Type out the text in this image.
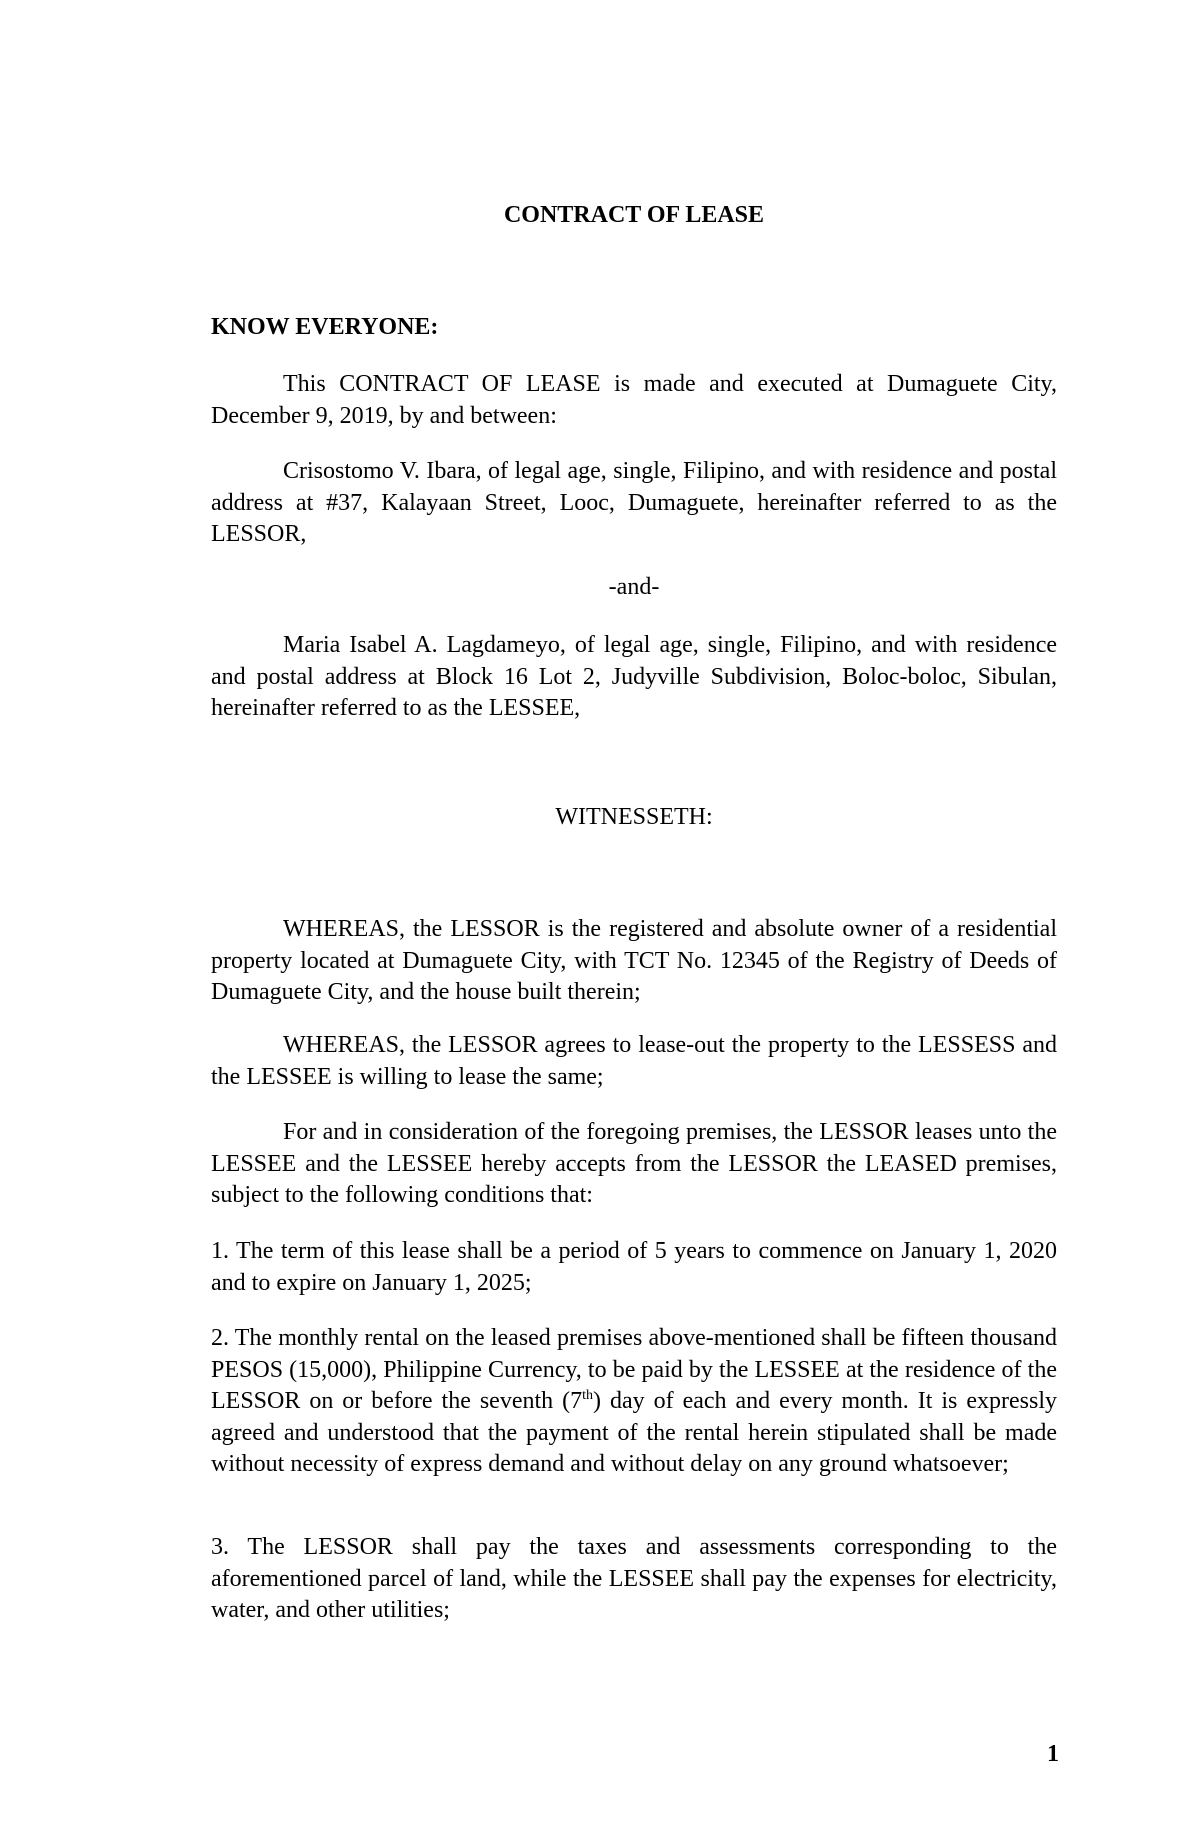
CONTRACT OF LEASE
KNOW EVERYONE:

This CONTRACT OF LEASE is made and executed at Dumaguete City, December 9, 2019, by and between:

Crisostomo V. Ibara, of legal age, single, Filipino, and with residence and postal address at #37, Kalayaan Street, Looc, Dumaguete, hereinafter referred to as the LESSOR,

-and-

Maria Isabel A. Lagdameyo, of legal age, single, Filipino, and with residence and postal address at Block 16 Lot 2, Judyville Subdivision, Boloc-boloc, Sibulan, hereinafter referred to as the LESSEE,

WITNESSETH:

WHEREAS, the LESSOR is the registered and absolute owner of a residential property located at Dumaguete City, with TCT No. 12345 of the Registry of Deeds of Dumaguete City, and the house built therein;

WHEREAS, the LESSOR agrees to lease-out the property to the LESSESS and the LESSEE is willing to lease the same;

For and in consideration of the foregoing premises, the LESSOR leases unto the LESSEE and the LESSEE hereby accepts from the LESSOR the LEASED premises, subject to the following conditions that:

1. The term of this lease shall be a period of 5 years to commence on January 1, 2020 and to expire on January 1, 2025;

2. The monthly rental on the leased premises above-mentioned shall be fifteen thousand PESOS (15,000), Philippine Currency, to be paid by the LESSEE at the residence of the LESSOR on or before the seventh (7th) day of each and every month. It is expressly agreed and understood that the payment of the rental herein stipulated shall be made without necessity of express demand and without delay on any ground whatsoever;

3. The LESSOR shall pay the taxes and assessments corresponding to the aforementioned parcel of land, while the LESSEE shall pay the expenses for electricity, water, and other utilities;

1
